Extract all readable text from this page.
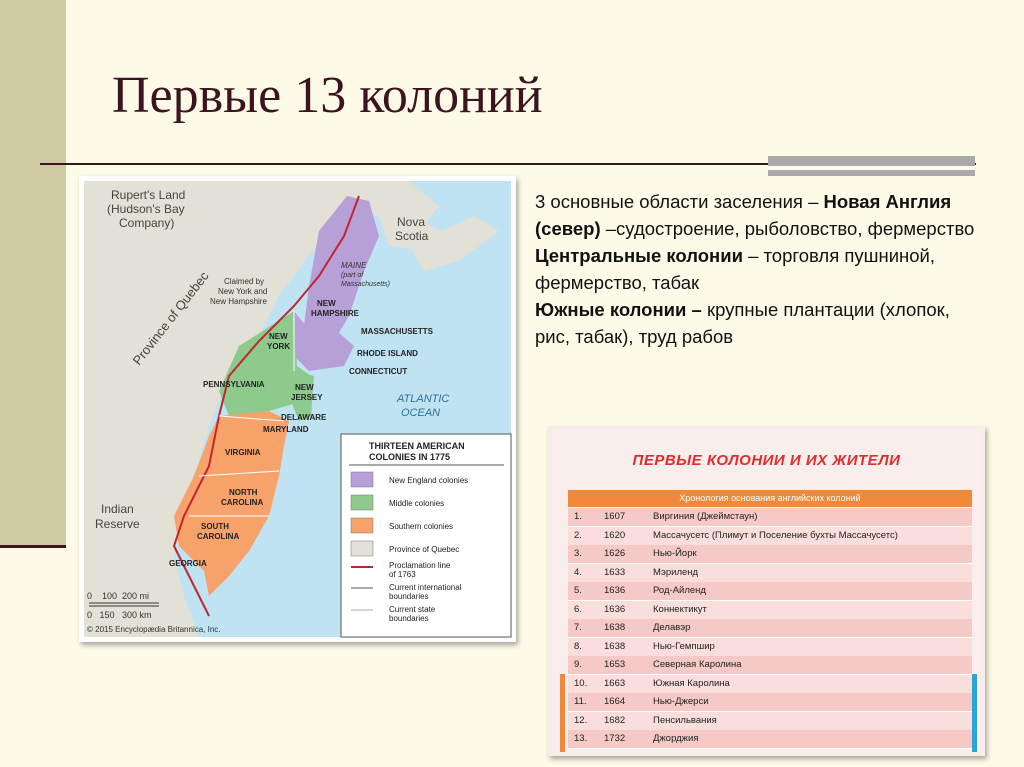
Первые 13 колоний
Rupert's Land
(Hudson's Bay
Company)
Province of Quebec
Nova
Scotia
MAINE
(part of
Massachusetts)
Claimed by
New York and
New Hampshire	NEW
HAMPSHIRE
MASSACHUSETTS
RHODE ISLAND
CONNECTICUT
NEW
YORK
PENNSYLVANIA	NEW
JERSEY
DELAWARE
MARYLAND
ATLANTIC
OCEAN
VIRGINIA
NORTH
CAROLINA
SOUTH
CAROLINA
GEORGIA
Indian
Reserve
0    100  200 mi
0   150   300 km
© 2015 Encyclopædia Britannica, Inc.
THIRTEEN AMERICAN
COLONIES IN 1775
New England colonies
Middle colonies
Southern colonies
Province of Quebec
Proclamation line
of 1763
Current international
boundaries
Current state
boundaries

3 основные области заселения – Новая Англия (север) –судостроение, рыболовство, фермерство

Центральные колонии – торговля пушниной, фермерство, табак

Южные колонии – крупные плантации (хлопок, рис, табак), труд рабов

ПЕРВЫЕ КОЛОНИИ И ИХ ЖИТЕЛИ
Хронология основания английских колоний
1. 1607	Виргиния (Джеймстаун)
2. 1620	Массачусетс (Плимут и Поселение бухты Массачусетс)
3. 1626	Нью-Йорк
4. 1633	Мэриленд
5. 1636	Род-Айленд
6. 1636	Коннектикут
7. 1638	Делавэр
8. 1638	Нью-Гемпшир
9. 1653	Северная Каролина
10. 1663	Южная Каролина
11. 1664	Нью-Джерси
12. 1682	Пенсильвания
13. 1732	Джорджия
